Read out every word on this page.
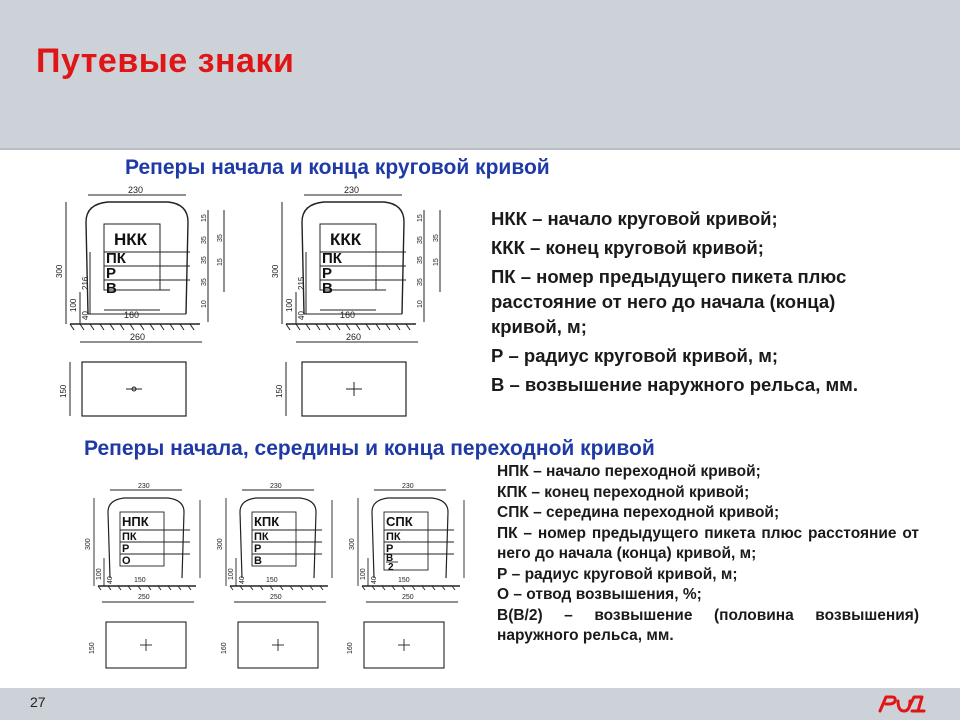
Путевые знаки
Реперы начала и конца круговой кривой
230
300
100
216
40	160
260
НКК
ПК
Р
В
15
35
35
35
10
35
15
150
230
300
100
215
40	160
260
ККК
ПК
Р
В
15
35
35
35
10
35
15
150

НКК – начало круговой кривой;

ККК – конец круговой кривой;

ПК – номер предыдущего пикета плюс расстояние от него до начала (конца) кривой, м;

Р – радиус круговой кривой, м;

В – возвышение наружного рельса, мм.

Реперы начала, середины и конца переходной кривой
230
300
100
40	150
250
150
НПК
ПК
Р
О
230
300
100
40	150
250
160
КПК
ПК
Р
В
230
300
100
40	150
250
160
СПК
ПК
Р
В
2

НПК – начало переходной кривой;

КПК – конец переходной кривой;

СПК – середина переходной кривой;

ПК – номер предыдущего пикета плюс расстояние от него до начала (конца) кривой, м;

Р – радиус круговой кривой, м;

О – отвод возвышения, %;

В(В/2) – возвышение (половина возвышения) наружного рельса, мм.

27
